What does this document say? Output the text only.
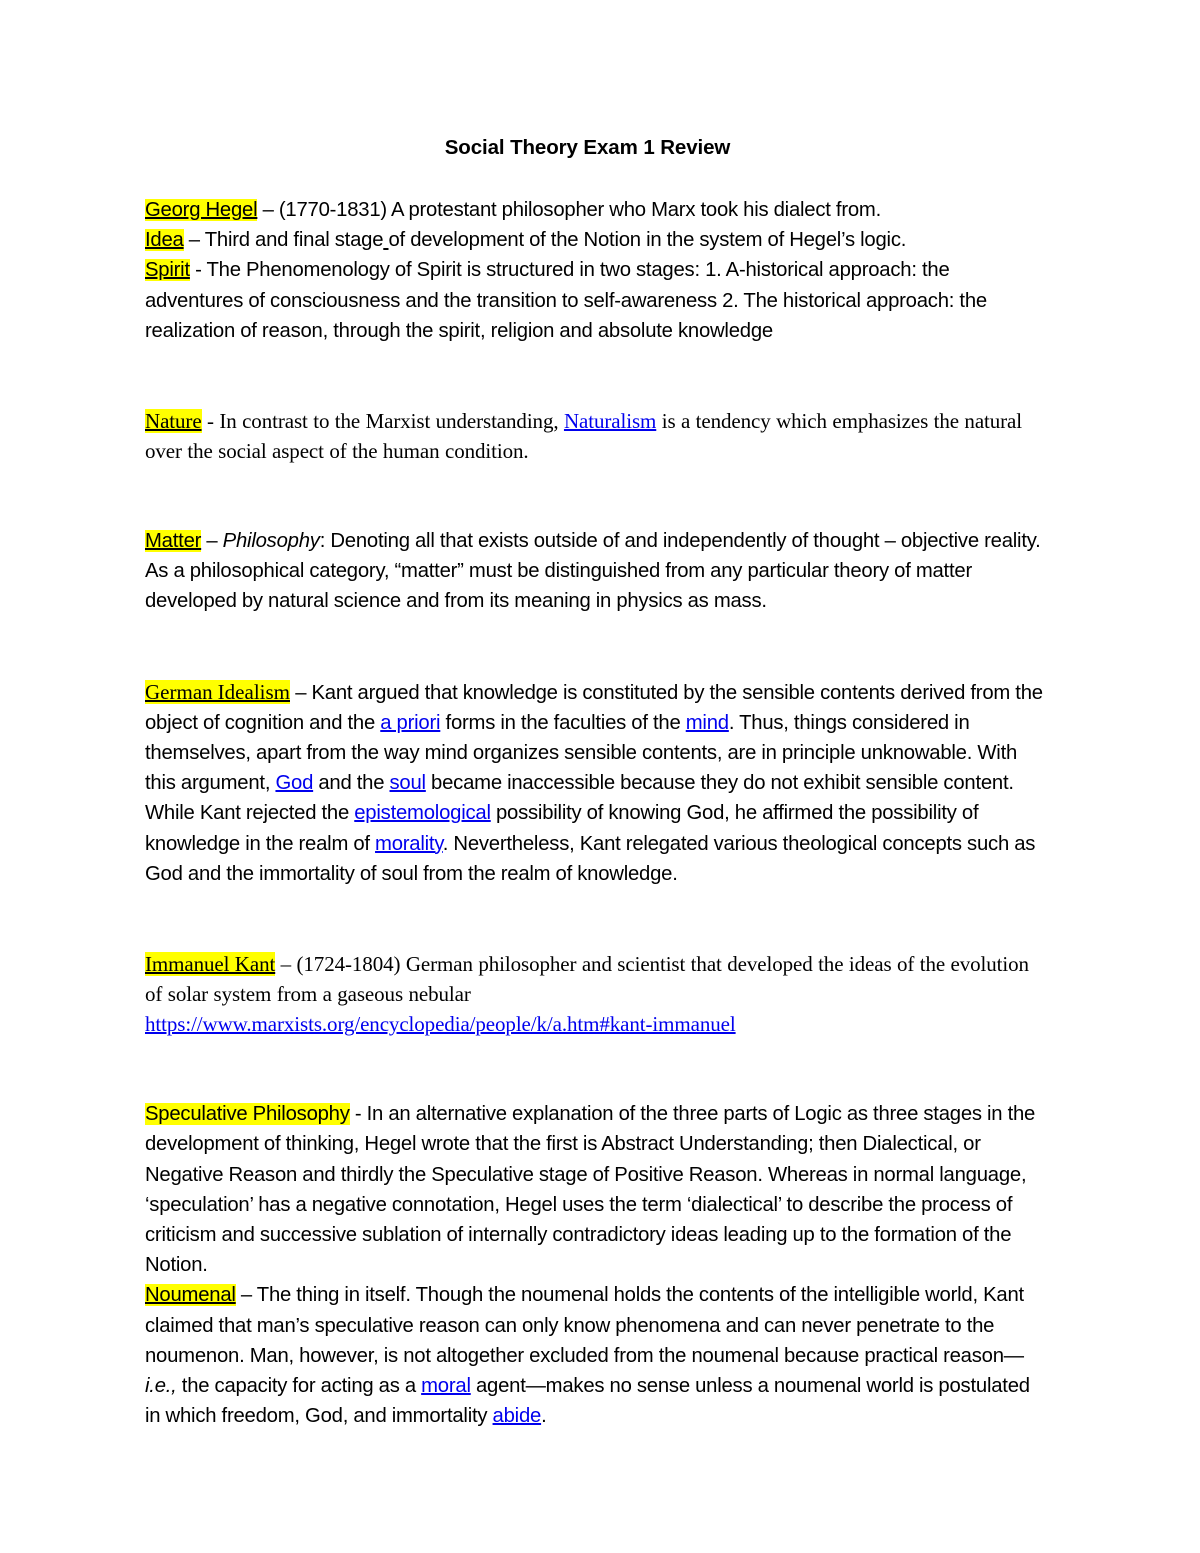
Social Theory Exam 1 Review

Georg Hegel – (1770-1831) A protestant philosopher who Marx took his dialect from.

Idea – Third and final stage of development of the Notion in the system of Hegel’s logic.

Spirit - The Phenomenology of Spirit is structured in two stages: 1. A-historical approach: the adventures of consciousness and the transition to self-awareness 2. The historical approach: the realization of reason, through the spirit, religion and absolute knowledge

Nature - In contrast to the Marxist understanding, Naturalism is a tendency which emphasizes the natural over the social aspect of the human condition.

Matter – Philosophy: Denoting all that exists outside of and independently of thought – objective reality. As a philosophical category, “matter” must be distinguished from any particular theory of matter developed by natural science and from its meaning in physics as mass.

German Idealism – Kant argued that knowledge is constituted by the sensible contents derived from the object of cognition and the a priori forms in the faculties of the mind. Thus, things considered in themselves, apart from the way mind organizes sensible contents, are in principle unknowable. With this argument, God and the soul became inaccessible because they do not exhibit sensible content. While Kant rejected the epistemological possibility of knowing God, he affirmed the possibility of knowledge in the realm of morality. Nevertheless, Kant relegated various theological concepts such as God and the immortality of soul from the realm of knowledge.

Immanuel Kant – (1724-1804) German philosopher and scientist that developed the ideas of the evolution of solar system from a gaseous nebular
https://www.marxists.org/encyclopedia/people/k/a.htm#kant-immanuel

Speculative Philosophy - In an alternative explanation of the three parts of Logic as three stages in the development of thinking, Hegel wrote that the first is Abstract Understanding; then Dialectical, or Negative Reason and thirdly the Speculative stage of Positive Reason. Whereas in normal language, ‘speculation’ has a negative connotation, Hegel uses the term ‘dialectical’ to describe the process of criticism and successive sublation of internally contradictory ideas leading up to the formation of the Notion.

Noumenal – The thing in itself. Though the noumenal holds the contents of the intelligible world, Kant claimed that man’s speculative reason can only know phenomena and can never penetrate to the noumenon. Man, however, is not altogether excluded from the noumenal because practical reason—i.e., the capacity for acting as a moral agent—makes no sense unless a noumenal world is postulated in which freedom, God, and immortality abide.
